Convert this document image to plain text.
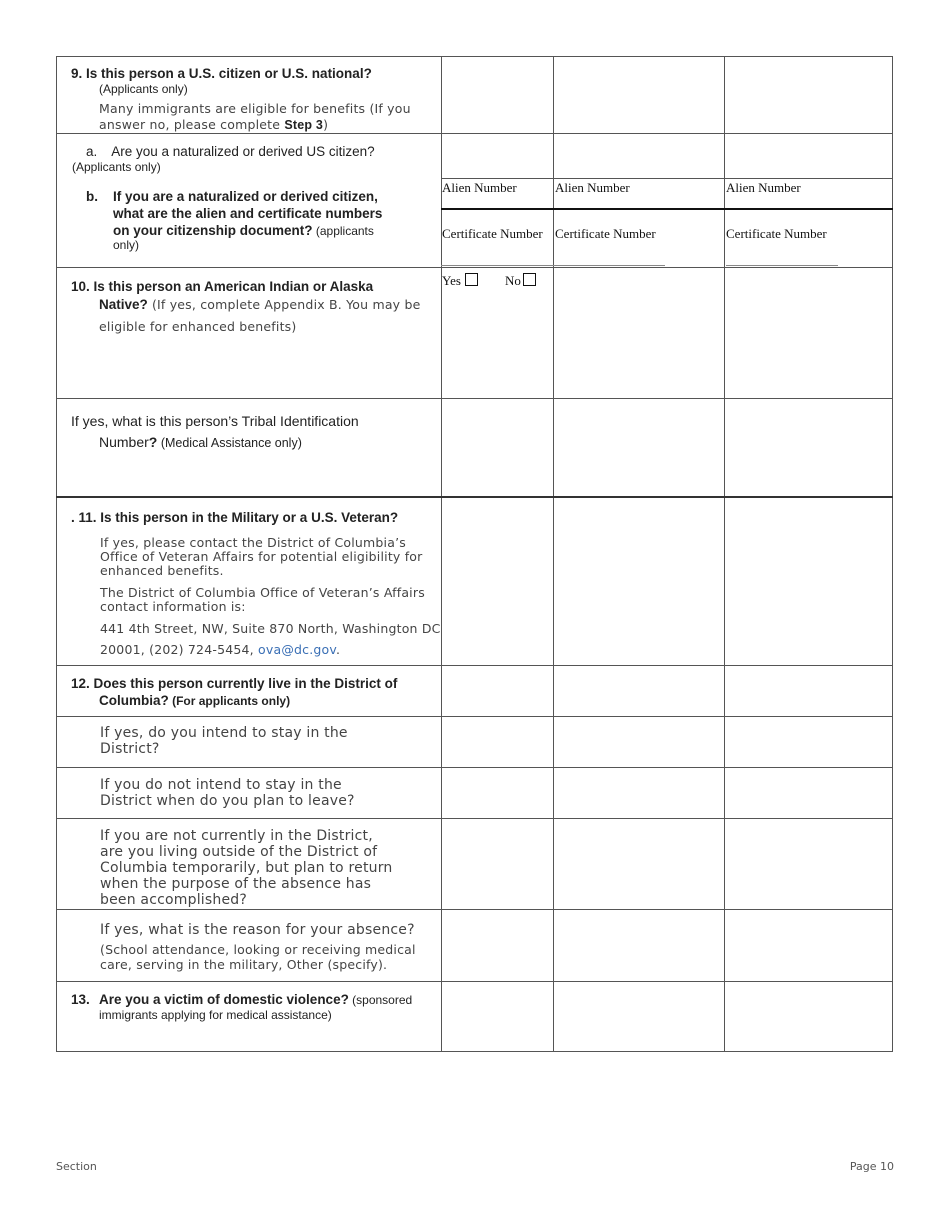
9. Is this person a U.S. citizen or U.S. national?
(Applicants only)
Many immigrants are eligible for benefits (If you
answer no, please complete Step 3)
a. Are you a naturalized or derived US citizen?
(Applicants only)
b. If you are a naturalized or derived citizen,
what are the alien and certificate numbers
on your citizenship document? (applicants
only)
Alien Number	Alien Number	Alien Number
Certificate Number Certificate Number	Certificate Number
10. Is this person an American Indian or Alaska
Native? (If yes, complete Appendix B. You may be
eligible for enhanced benefits)
Yes	No
If yes, what is this person’s Tribal Identification
Number? (Medical Assistance only)
. 11. Is this person in the Military or a U.S. Veteran?
If yes, please contact the District of Columbia’s
Office of Veteran Affairs for potential eligibility for
enhanced benefits.
The District of Columbia Office of Veteran’s Affairs
contact information is:
441 4th Street, NW, Suite 870 North, Washington DC
20001, (202) 724-5454, ova@dc.gov.
12. Does this person currently live in the District of
Columbia? (For applicants only)
If yes, do you intend to stay in the
District?
If you do not intend to stay in the
District when do you plan to leave?
If you are not currently in the District,
are you living outside of the District of
Columbia temporarily, but plan to return
when the purpose of the absence has
been accomplished?
If yes, what is the reason for your absence?
(School attendance, looking or receiving medical
care, serving in the military, Other (specify).
13. Are you a victim of domestic violence? (sponsored
immigrants applying for medical assistance)
Section	Page 10
